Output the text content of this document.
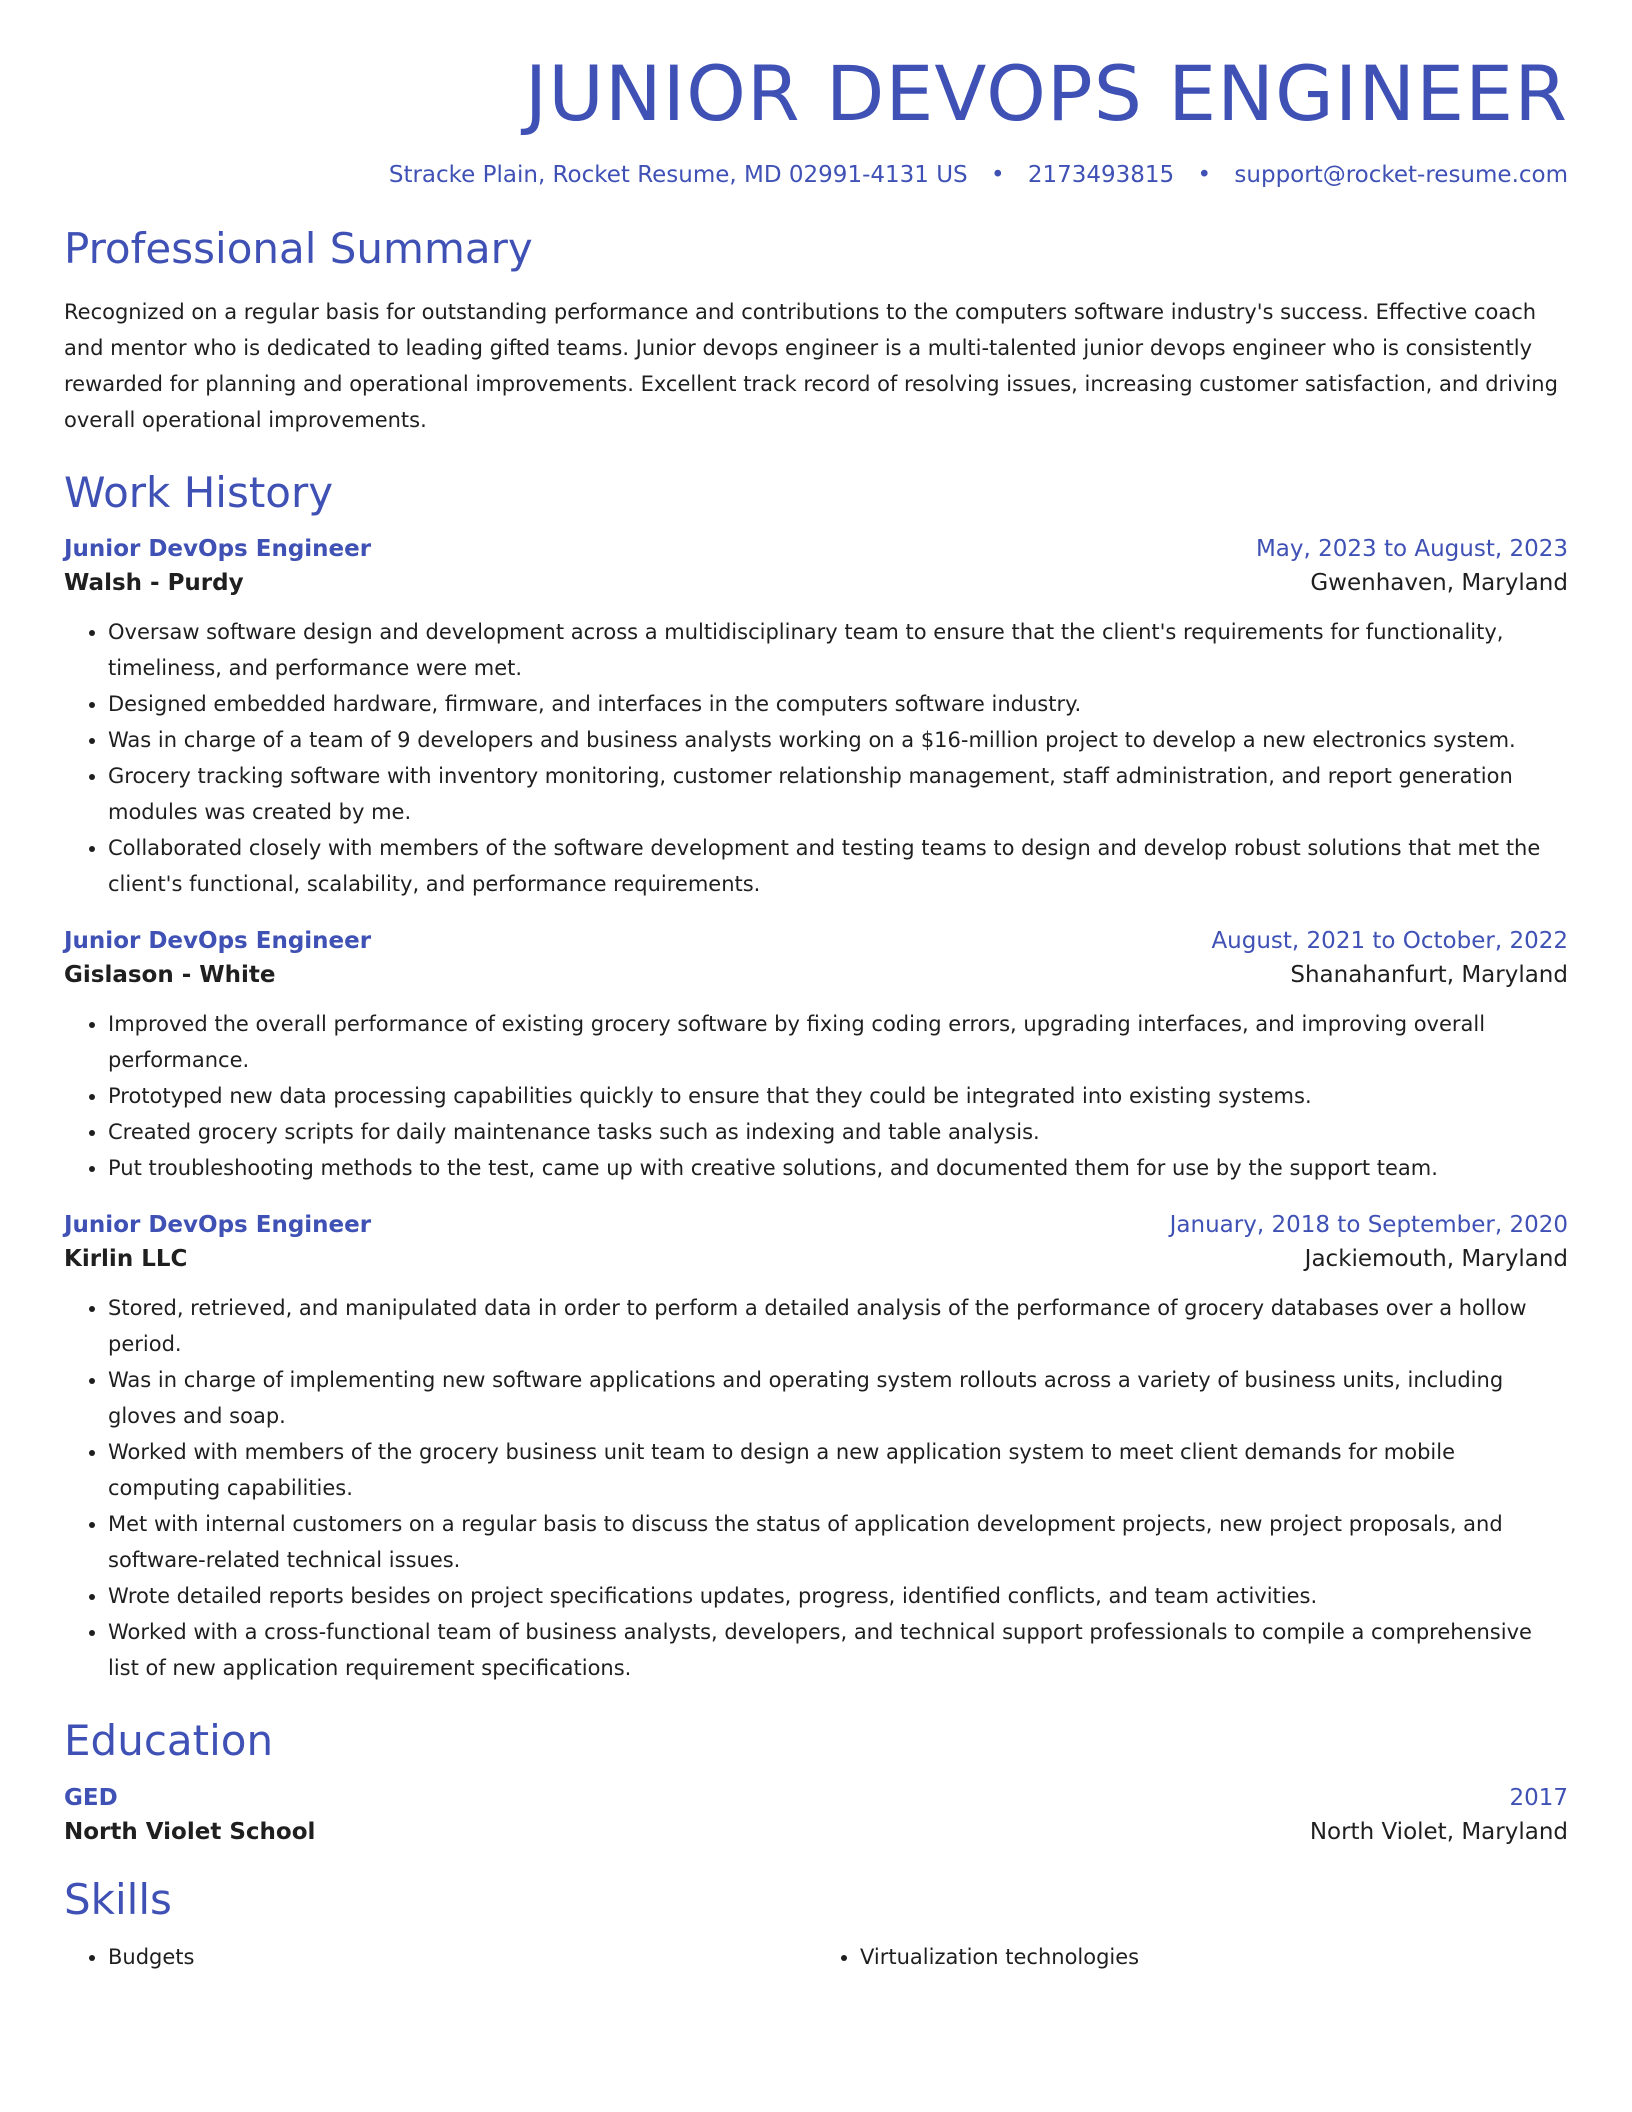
JUNIOR DEVOPS ENGINEER
Stracke Plain, Rocket Resume, MD 02991-4131 US • 2173493815 • support@rocket-resume.com
Professional Summary

Recognized on a regular basis for outstanding performance and contributions to the computers software industry's success. Effective coach and mentor who is dedicated to leading gifted teams. Junior devops engineer is a multi-talented junior devops engineer who is consistently rewarded for planning and operational improvements. Excellent track record of resolving issues, increasing customer satisfaction, and driving overall operational improvements.

Work History
Junior DevOps Engineer	May, 2023 to August, 2023
Walsh - Purdy	Gwenhaven, Maryland
• Oversaw software design and development across a multidisciplinary team to ensure that the client's requirements for functionality, timeliness, and performance were met.
• Designed embedded hardware, firmware, and interfaces in the computers software industry.
• Was in charge of a team of 9 developers and business analysts working on a $16-million project to develop a new electronics system.
• Grocery tracking software with inventory monitoring, customer relationship management, staff administration, and report generation modules was created by me.
• Collaborated closely with members of the software development and testing teams to design and develop robust solutions that met the client's functional, scalability, and performance requirements.
Junior DevOps Engineer	August, 2021 to October, 2022
Gislason - White	Shanahanfurt, Maryland
• Improved the overall performance of existing grocery software by fixing coding errors, upgrading interfaces, and improving overall performance.
• Prototyped new data processing capabilities quickly to ensure that they could be integrated into existing systems.
• Created grocery scripts for daily maintenance tasks such as indexing and table analysis.
• Put troubleshooting methods to the test, came up with creative solutions, and documented them for use by the support team.
Junior DevOps Engineer	January, 2018 to September, 2020
Kirlin LLC	Jackiemouth, Maryland
• Stored, retrieved, and manipulated data in order to perform a detailed analysis of the performance of grocery databases over a hollow period.
• Was in charge of implementing new software applications and operating system rollouts across a variety of business units, including gloves and soap.
• Worked with members of the grocery business unit team to design a new application system to meet client demands for mobile computing capabilities.
• Met with internal customers on a regular basis to discuss the status of application development projects, new project proposals, and software-related technical issues.
• Wrote detailed reports besides on project specifications updates, progress, identified conflicts, and team activities.
• Worked with a cross-functional team of business analysts, developers, and technical support professionals to compile a comprehensive list of new application requirement specifications.
Education
GED	2017
North Violet School	North Violet, Maryland
Skills
• Budgets
•	Virtualization technologies
